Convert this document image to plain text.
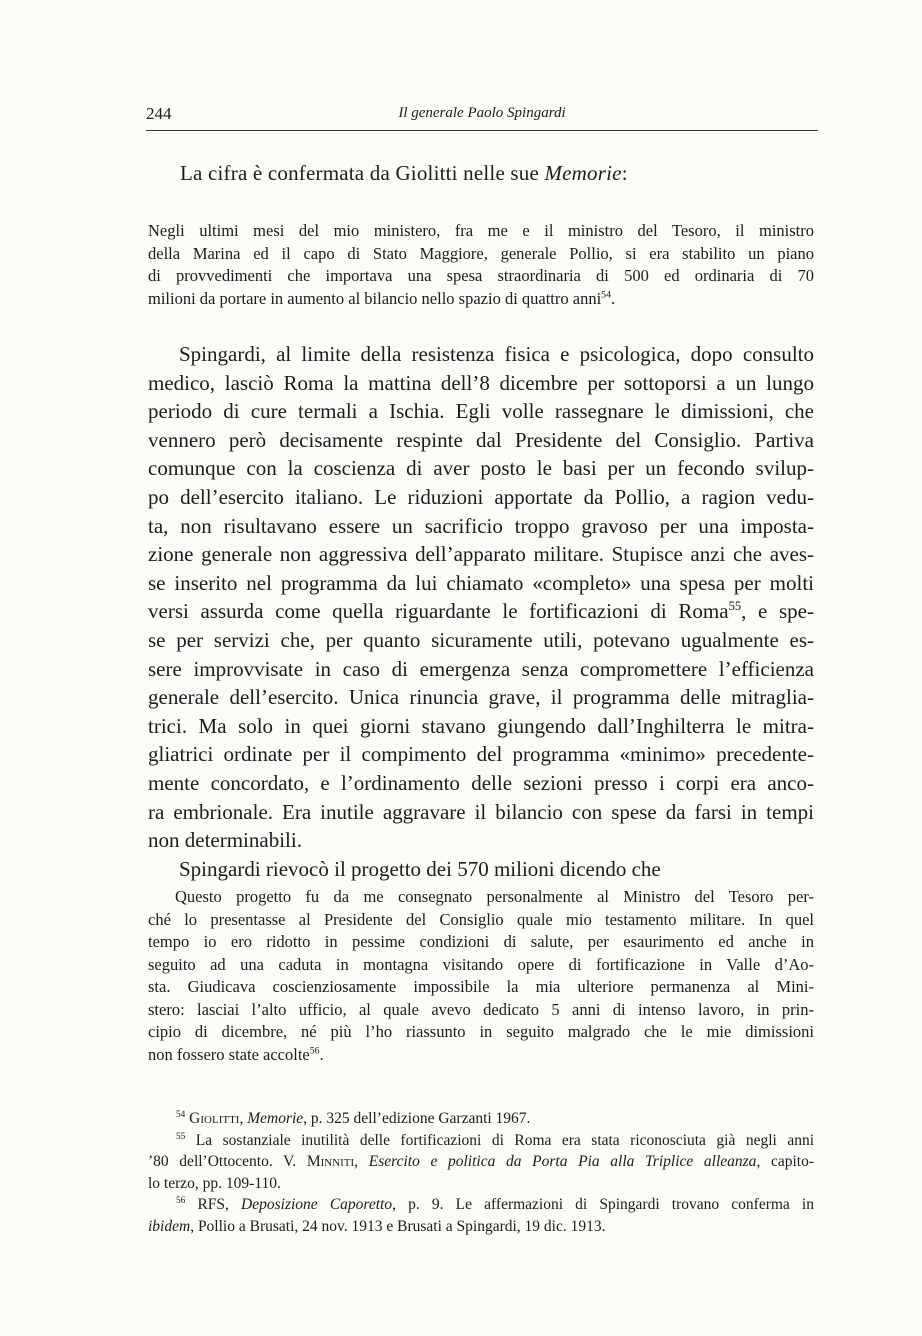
244	Il generale Paolo Spingardi

La cifra è confermata da Giolitti nelle sue Memorie:

Negli ultimi mesi del mio ministero, fra me e il ministro del Tesoro, il ministro
della Marina ed il capo di Stato Maggiore, generale Pollio, si era stabilito un piano
di provvedimenti che importava una spesa straordinaria di 500 ed ordinaria di 70
milioni da portare in aumento al bilancio nello spazio di quattro anni$^{54}$.
Spingardi, al limite della resistenza fisica e psicologica, dopo consulto
medico, lasciò Roma la mattina dell’8 dicembre per sottoporsi a un lungo
periodo di cure termali a Ischia. Egli volle rassegnare le dimissioni, che
vennero però decisamente respinte dal Presidente del Consiglio. Partiva
comunque con la coscienza di aver posto le basi per un fecondo svilup-
po dell’esercito italiano. Le riduzioni apportate da Pollio, a ragion vedu-
ta, non risultavano essere un sacrificio troppo gravoso per una imposta-
zione generale non aggressiva dell’apparato militare. Stupisce anzi che aves-
se inserito nel programma da lui chiamato «completo» una spesa per molti
versi assurda come quella riguardante le fortificazioni di Roma$^{55}$, e spe-
se per servizi che, per quanto sicuramente utili, potevano ugualmente es-
sere improvvisate in caso di emergenza senza compromettere l’efficienza
generale dell’esercito. Unica rinuncia grave, il programma delle mitraglia-
trici. Ma solo in quei giorni stavano giungendo dall’Inghilterra le mitra-
gliatrici ordinate per il compimento del programma «minimo» precedente-
mente concordato, e l’ordinamento delle sezioni presso i corpi era anco-
ra embrionale. Era inutile aggravare il bilancio con spese da farsi in tempi
non determinabili.
Spingardi rievocò il progetto dei 570 milioni dicendo che
Questo progetto fu da me consegnato personalmente al Ministro del Tesoro per-
ché lo presentasse al Presidente del Consiglio quale mio testamento militare. In quel
tempo io ero ridotto in pessime condizioni di salute, per esaurimento ed anche in
seguito ad una caduta in montagna visitando opere di fortificazione in Valle d’Ao-
sta. Giudicava coscienziosamente impossibile la mia ulteriore permanenza al Mini-
stero: lasciai l’alto ufficio, al quale avevo dedicato 5 anni di intenso lavoro, in prin-
cipio di dicembre, né più l’ho riassunto in seguito malgrado che le mie dimissioni
non fossero state accolte$^{56}$.
$^{54}$ Giolitti, Memorie, p. 325 dell’edizione Garzanti 1967.
$^{55}$ La sostanziale inutilità delle fortificazioni di Roma era stata riconosciuta già negli anni
’80 dell’Ottocento. V. Minniti, Esercito e politica da Porta Pia alla Triplice alleanza, capito-
lo terzo, pp. 109-110.
$^{56}$ RFS, Deposizione Caporetto, p. 9. Le affermazioni di Spingardi trovano conferma in
ibidem, Pollio a Brusati, 24 nov. 1913 e Brusati a Spingardi, 19 dic. 1913.
